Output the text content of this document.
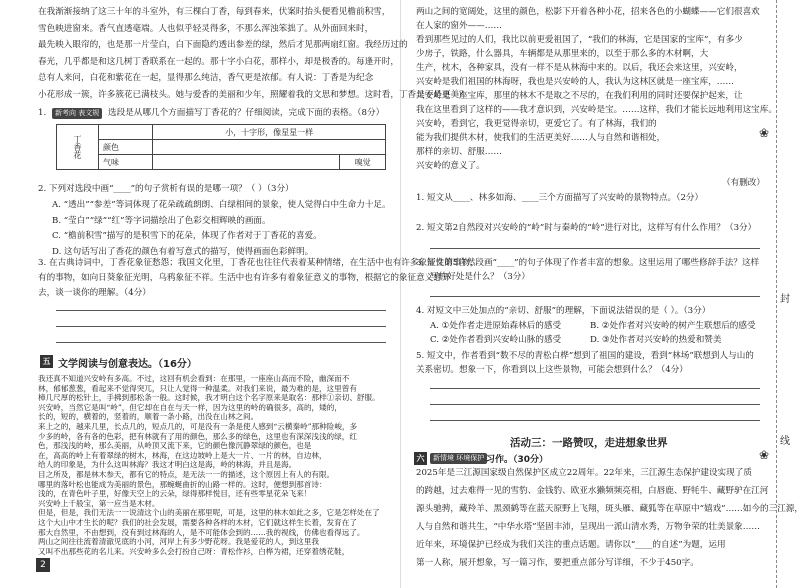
在我渐渐接纳了这三十年的斗室外，有三棵白丁香，每到春来，伏案时抬头便看见檐前积雪，
雪色映进窗来。香气直透毫端。人也似乎轻灵得多，不那么浑浊笨拙了。从外面回来时，
最先映入眼帘的，也是那一片莹白，白下面隐约透出参差的绿，然后才见那两扇红窗。我经历过的
春光，几乎都是和这几树丁香联系在一起的。那十字小白花，那样小，却是极香的。每逢开时，
总有人来问，白花和紫花在一起，显得那么纯洁，香气更是浓郁。有人说：丁香是为纪念
小花形成一簇，许多簇花已满枝头。她与爱香的美丽和少年，照耀着我的文思和梦想。这时看，丁香是不是更美？
1.	新考向 表文规	选段是从哪几个方面描写丁香花的？仔细阅读，完成下面的表格。（8分）
丁香花		小，十字形，像星星一样	
	颜色		
	气味		嗅觉
2. 下列对选段中画“____”的句子赏析有误的是哪一项？（ ）（3分）
A. “透出”“参差”等词体现了花朵疏疏朗朗、白绿相间的景象，使人觉得白中生命力十足。
B. “莹白”“绿”“红”等字词描绘出了色彩交相辉映的画面。
C. “檐前积雪”描写的是积雪下的花朵，体现了作者对于丁香花的喜爱。
D. 这句话写出了香花的颜色有着写意式的描写，使得画面色彩鲜明。
3. 在古典诗词中，丁香花象征愁怨；我国文化里，丁香花也往往代表着某种情绪，在生活中也有许多象征性的事物，
有的事物，如向日葵象征光明，乌鸦象征不祥。生活中也有许多有着象征意义的事物，根据它的象征意义想开
去，谈一谈你的理解。（4分）
五 文学阅读与创意表达。（16分）
我还真不知道兴安岭有多高。不过，这回有机会看到：在那里，一座座山高而不险，幽深而不
林，郁郁葱葱，看起来不觉得突兀，只让人觉得一种温柔。对我们来说，最为难的是，这里曾有
樟几尺厚的松针上，手拂到那松条一般。这时候，我才明白这个名字原来是取名：那样①亲切、舒服。
兴安岭，当然它是叫“岭”，但它却在自在与天一样，因为这里的岭的确很多，高的，矮的，
长的，短的，横着的，竖着的，顺着一条小路，出没在山林之间。
来上之的，越来几里，长点几的，短点几的，可是没有一条是使人感到“云横秦岭”那种险峻，多
少多的岭，各有各的色彩，把有林就有了用的颜色，那么多的绿色，这里也有深深浅浅的绿，红
色，那浅浅的岭，那么美丽，从岭顶又流下来，它的颜色像沉静翠绿的颜色，也是
在，高高的岭上有着翠绿的树木，林海，在这边坡岭上是大一片、一片的林，自边林，
给人的印象是，为什么这叫林海？我这才明白这是海，岭的林海，并且是海。
目之所及，都是林木参天，都有它的特点，是无法一一的描述，这个原因上有人的有限。
哪里的落叶松也能成为美丽的景色，那蜿蜒曲折的山路一样的。这时，便想到那首诗：
浅的，在青色叶子里，好像天空上的云朵，绿得那样悦目，还有些零星花朵飞来！
兴安岭上千般宝，第一应当是木材。
但是，但是，我们无法一一说清这个山的美丽在那里呢，可是，这里的林木如此之多，它是怎样处在了
这个大山中才生长的呢？我们的社会发展，需要各种各样的木材，它们就这样生长着，发育在了
那大自然里，不由想到，没有到过林海的人，是不可能体会到的……我的视线，仿佛也看得远了。
两山之间往往流着清澈见底的小河，河岸上有多少野花呀。我是爱花的人，到这里我
又叫不出那些花的名儿来。兴安岭多么会打扮自己呀：青松作衫，白桦为裙，还穿着绣花鞋，
2
两山之间的宽阔处，这里的颜色，松影下开着各种小花，招来各色的小蝴蝶——它们很喜欢
在人家的窗外——……
看到那些见过的人们，我比以前更爱祖国了，“我们的林海，它是国家的宝库”，有多少
少房子，铁路，什么器具，车辆都是从那里来的，以至于那么多的木材啊，大
生产，枕木，各种家具，没有一样不是从林海中来的。以后，我还会来这里，兴安岭，
兴安岭是我们祖国的林海呀，我也是兴安岭的人，我认为这林区就是一座宝库，……
兴安岭是一座宝库，那里的林木不是取之不尽的，在我们利用的同时还要保护起来，让
我在这里看到了这样的——我才意识到，兴安岭是宝。……这样，我们才能长远地利用这宝库。
兴安岭，看到它，我更觉得亲切，更爱它了。有了林海，我们的
能为我们提供木材，使我们的生活更美好……人与自然和谐相处，
那样的亲切、舒服……
兴安岭的意义了。
（有删改）
1. 短文从____、林多如海、____三个方面描写了兴安岭的景物特点。（2分）
2. 短文第2自然段对兴安岭的“岭”时与秦岭的“岭”进行对比，这样写有什么作用？（3分）
3. 短文第5自然段画“____”的句子体现了作者丰富的想象。这里运用了哪些修辞手法？这样
写的好处是什么？（3分）
4. 对短文中三处加点的“亲切、舒服”的理解，下面说法错误的是（ ）。（3分）
A. ①处作者走进原始森林后的感受	B. ②处作者对兴安岭的树产生联想后的感受
C. ②处作者看到兴安岭山脉的感受	D. ③处作者对兴安岭的热爱和赞美
5. 短文中，作者看到“数不尽的青松白桦”想到了祖国的建设，看到“林场”联想到人与山的
关系密切。想象一下，你看到以上这些景物，可能会想到什么？（4分）
活动三：一路赞叹，走进想象世界
六	新情境 环境保护 习作。（30分）
2025年是三江源国家级自然保护区成立22周年。22年来，三江源生态保护建设实现了质
的跨越，过去难得一见的雪豹、金钱豹、欧亚水獭频频亮相，白唇鹿、野牦牛、藏野驴在江河
源头驰骋，藏羚羊、黑颈鹤等在蓝天原野上飞翔，斑头雁、藏狐等在草原中“嬉戏”……如今的三江源，
人与自然和谐共生，“中华水塔”坚固丰沛，呈现出一派山清水秀，万物争荣的壮美景象……
近年来，环境保护已经成为我们关注的重点话题。请你以“____的自述”为题，运用
第一人称，展开想象，写一篇习作，要把重点部分写详细，不少于450字。
❀
❀
封
线
